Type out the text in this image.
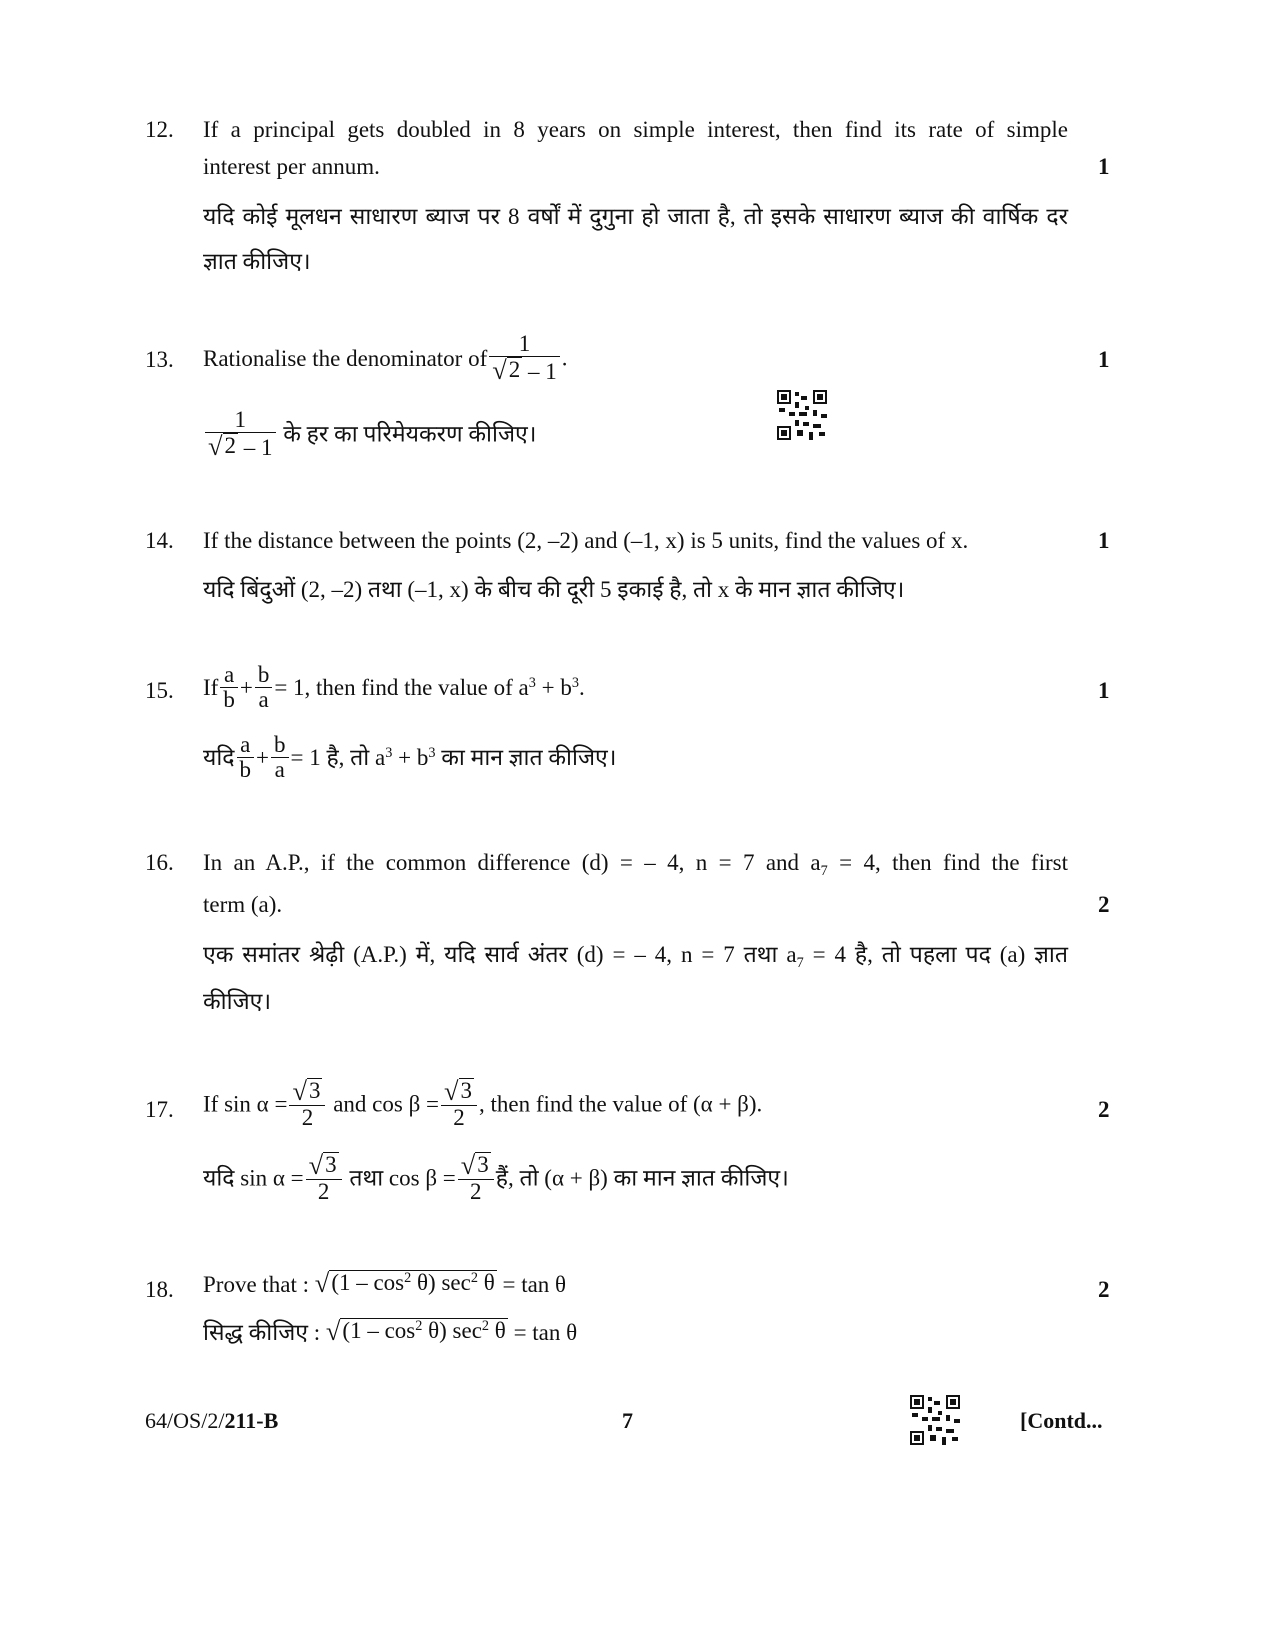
12. If a principal gets doubled in 8 years on simple interest, then find its rate of simple
interest per annum.	1
यदि कोई मूलधन साधारण ब्याज पर 8 वर्षों में दुगुना हो जाता है, तो इसके साधारण ब्याज की वार्षिक दर
ज्ञात कीजिए।
13. Rationalise the denominator of $\frac{1}{√ 2 - 1}$ .	1
$\frac{1}{√ 2 - 1}$ के हर का परिमेयकरण कीजिए।
14. If the distance between the points (2, –2) and (–1, x) is 5 units, find the values of x.	1
यदि बिंदुओं (2, –2) तथा (–1, x) के बीच की दूरी 5 इकाई है, तो x के मान ज्ञात कीजिए।
15. If $\frac{a}{b} + \frac{b}{a} = 1$, then find the value of $a^3 + b^3$.	1
यदि $\frac{a}{b} + \frac{b}{a} = 1$ है, तो $a^3 + b^3$ का मान ज्ञात कीजिए।
16. In an A.P., if the common difference (d) = – 4, n = 7 and $a_7 = 4$, then find the first
term (a).	2
एक समांतर श्रेढ़ी (A.P.) में, यदि सार्व अंतर (d) = – 4, n = 7 तथा $a_7 = 4$ है, तो पहला पद (a) ज्ञात
कीजिए।
17. If $\sin \alpha = \frac{√ 3}{2}$ and $\cos \beta = \frac{√ 3}{2}$ , then find the value of (α + β).	2
यदि $\sin \alpha = \frac{√ 3}{2}$ तथा $\cos \beta = \frac{√ 3}{2}$ हैं, तो (α + β) का मान ज्ञात कीजिए।
18. Prove that : √ $(1 - \cos^2 \theta)$ $\sec^2 \theta = \tan \theta$	2
सिद्ध कीजिए : √ $(1 - \cos^2 \theta)$ $\sec^2 \theta = \tan \theta$
64/OS/2/211-B	7	[Contd...
